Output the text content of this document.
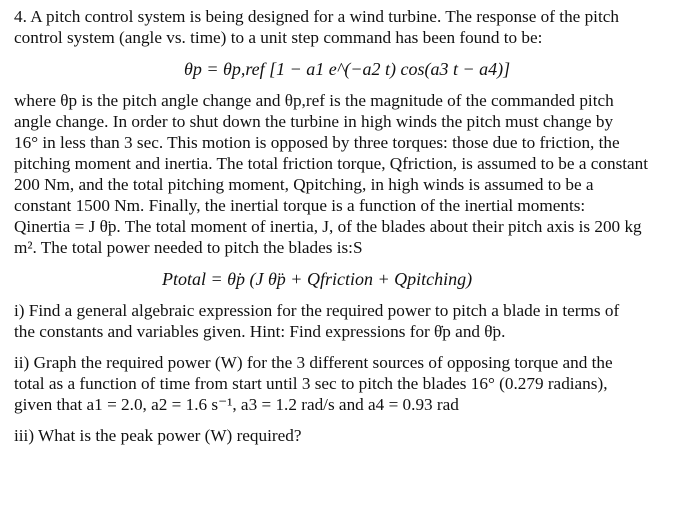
4. A pitch control system is being designed for a wind turbine. The response of the pitch
control system (angle vs. time) to a unit step command has been found to be:
θp = θp,ref [1 − a1 e^(−a2 t) cos(a3 t − a4)]
where θp is the pitch angle change and θp,ref is the magnitude of the commanded pitch
angle change. In order to shut down the turbine in high winds the pitch must change by
16° in less than 3 sec. This motion is opposed by three torques: those due to friction, the
pitching moment and inertia. The total friction torque, Qfriction, is assumed to be a constant
200 Nm, and the total pitching moment, Qpitching, in high winds is assumed to be a
constant 1500 Nm. Finally, the inertial torque is a function of the inertial moments:
Qinertia = J θ̈p. The total moment of inertia, J, of the blades about their pitch axis is 200 kg
m². The total power needed to pitch the blades is:S
Ptotal = θ̇p (J θ̈p + Qfriction + Qpitching)
i) Find a general algebraic expression for the required power to pitch a blade in terms of
the constants and variables given. Hint: Find expressions for θ̇p and θ̈p.
ii) Graph the required power (W) for the 3 different sources of opposing torque and the
total as a function of time from start until 3 sec to pitch the blades 16° (0.279 radians),
given that a1 = 2.0, a2 = 1.6 s⁻¹, a3 = 1.2 rad/s and a4 = 0.93 rad
iii) What is the peak power (W) required?
